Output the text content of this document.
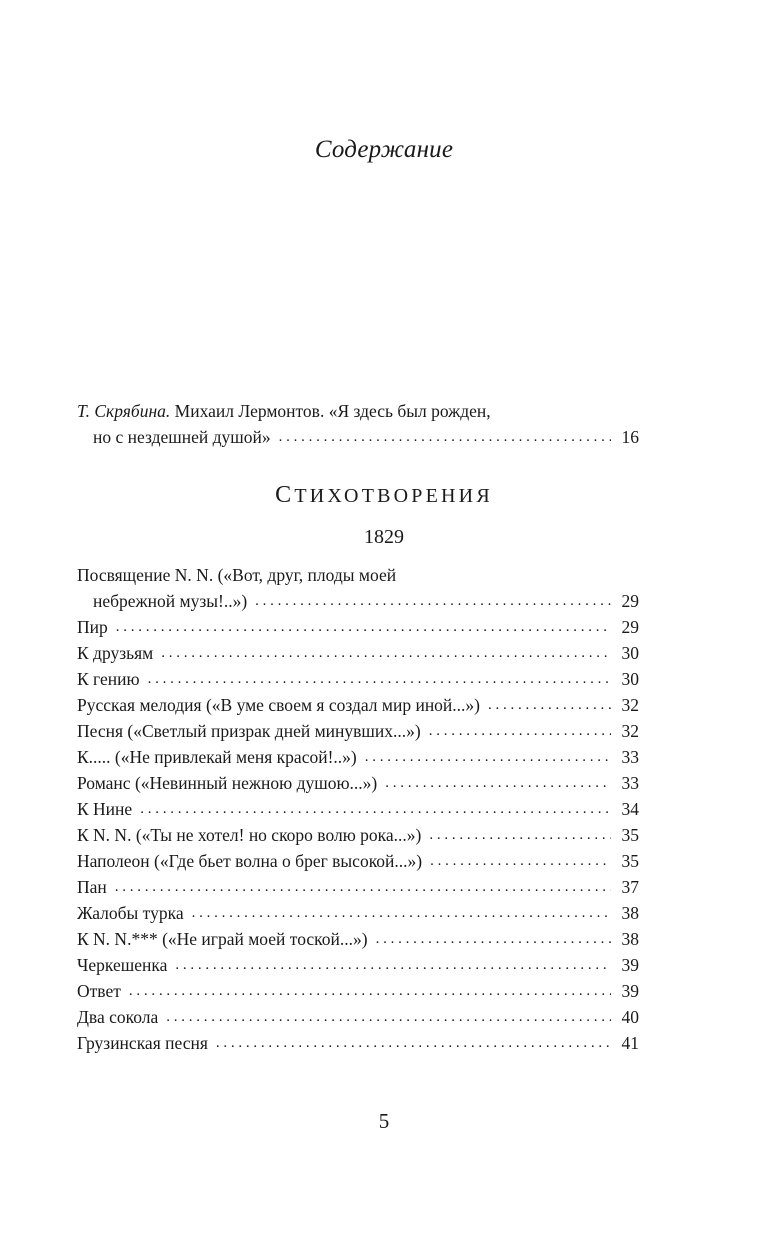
Содержание
Т. Скрябина. Михаил Лермонтов. «Я здесь был рожден,
но с нездешней душой» . . .	16
СТИХОТВОРЕНИЯ
1829
Посвящение N. N. («Вот, друг, плоды моей
небрежной музы!..») . . .	29
Пир . . .	29
К друзьям . . .	30
К гению . . .	30
Русская мелодия («В уме своем я создал мир иной...») . . .	32
Песня («Светлый призрак дней минувших...») . . .	32
К..... («Не привлекай меня красой!..») . . .	33
Романс («Невинный нежною душою...») . . .	33
К Нине . . .	34
К N. N. («Ты не хотел! но скоро волю рока...») . . .	35
Наполеон («Где бьет волна о брег высокой...») . . .	35
Пан . . .	37
Жалобы турка . . .	38
К N. N.*** («Не играй моей тоской...») . . .	38
Черкешенка . . .	39
Ответ . . .	39
Два сокола . . .	40
Грузинская песня . . .	41
5
